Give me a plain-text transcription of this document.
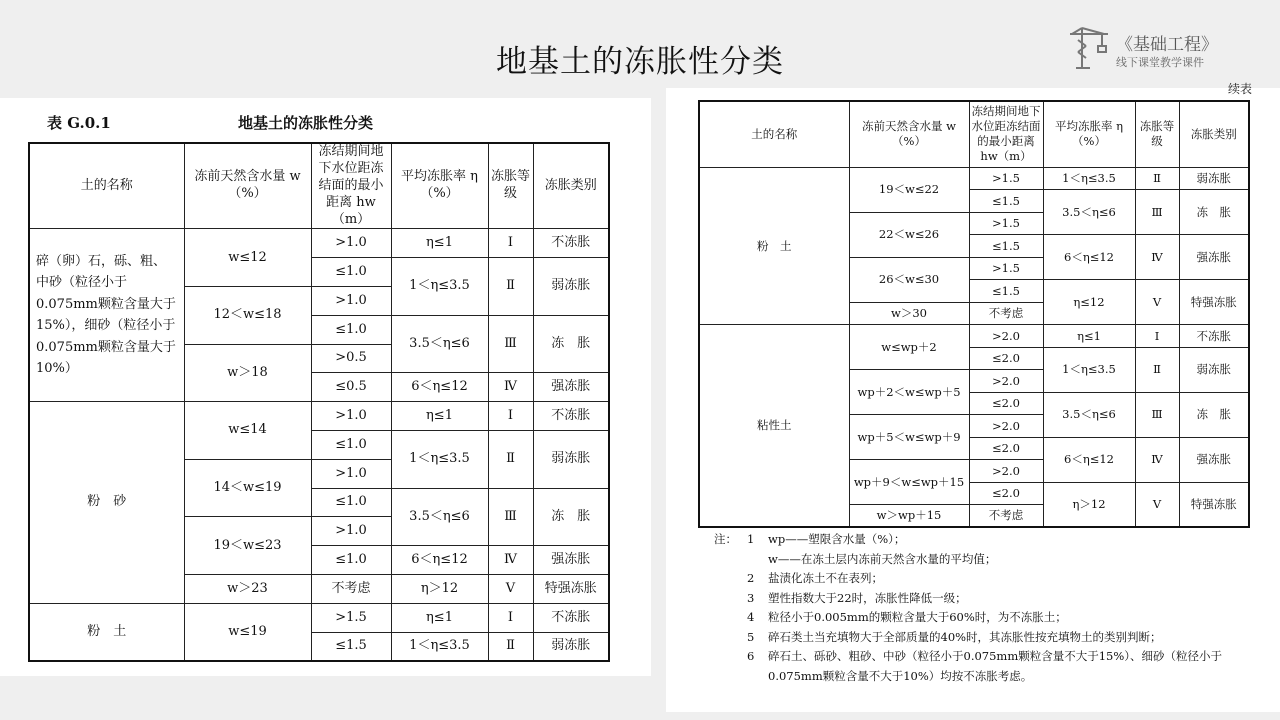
地基土的冻胀性分类	《基础工程》
线下课堂教学课件
表 G.0.1	地基土的冻胀性分类
土的名称	冻前天然含水量 w（%）	冻结期间地下水位距冻结面的最小距离 hw（m）	平均冻胀率 η（%）	冻胀等级	冻胀类别
碎（卵）石，砾、粗、中砂（粒径小于0.075mm颗粒含量大于15%），细砂（粒径小于0.075mm颗粒含量大于10%）	w≤12	>1.0	η≤1	Ⅰ	不冻胀
		≤1.0	1＜η≤3.5	Ⅱ	弱冻胀
	12＜w≤18	>1.0			
		≤1.0	3.5＜η≤6	Ⅲ	冻　胀
	w＞18	>0.5			
		≤0.5	6＜η≤12	Ⅳ	强冻胀
粉　砂	w≤14	>1.0	η≤1	Ⅰ	不冻胀
		≤1.0	1＜η≤3.5	Ⅱ	弱冻胀
	14＜w≤19	>1.0			
		≤1.0	3.5＜η≤6	Ⅲ	冻　胀
	19＜w≤23	>1.0			
		≤1.0	6＜η≤12	Ⅳ	强冻胀
	w＞23	不考虑	η＞12	Ⅴ	特强冻胀
粉　土	w≤19	>1.5	η≤1	Ⅰ	不冻胀
		≤1.5	1＜η≤3.5	Ⅱ	弱冻胀
续表
土的名称	冻前天然含水量 w（%）	冻结期间地下水位距冻结面的最小距离 hw（m）	平均冻胀率 η（%）	冻胀等级	冻胀类别
粉　土	19＜w≤22	>1.5	1＜η≤3.5	Ⅱ	弱冻胀
		≤1.5	3.5＜η≤6	Ⅲ	冻　胀
	22＜w≤26	>1.5			
		≤1.5	6＜η≤12	Ⅳ	强冻胀
	26＜w≤30	>1.5			
		≤1.5	η≤12	Ⅴ	特强冻胀
	w＞30	不考虑			
粘性土	w≤wp＋2	>2.0	η≤1	Ⅰ	不冻胀
		≤2.0	1＜η≤3.5	Ⅱ	弱冻胀
	wp＋2＜w≤wp＋5	>2.0			
		≤2.0	3.5＜η≤6	Ⅲ	冻　胀
	wp＋5＜w≤wp＋9	>2.0			
		≤2.0	6＜η≤12	Ⅳ	强冻胀
	wp＋9＜w≤wp＋15	>2.0			
		≤2.0	η＞12	Ⅴ	特强冻胀
	w＞wp＋15	不考虑			
注： 1 wp——塑限含水量（%）；
w——在冻土层内冻前天然含水量的平均值；
2 盐渍化冻土不在表列；
3 塑性指数大于22时，冻胀性降低一级；
4 粒径小于0.005mm的颗粒含量大于60%时，为不冻胀土；
5 碎石类土当充填物大于全部质量的40%时，其冻胀性按充填物土的类别判断；
6 碎石土、砾砂、粗砂、中砂（粒径小于0.075mm颗粒含量不大于15%）、细砂（粒径小于0.075mm颗粒含量不大于10%）均按不冻胀考虑。
